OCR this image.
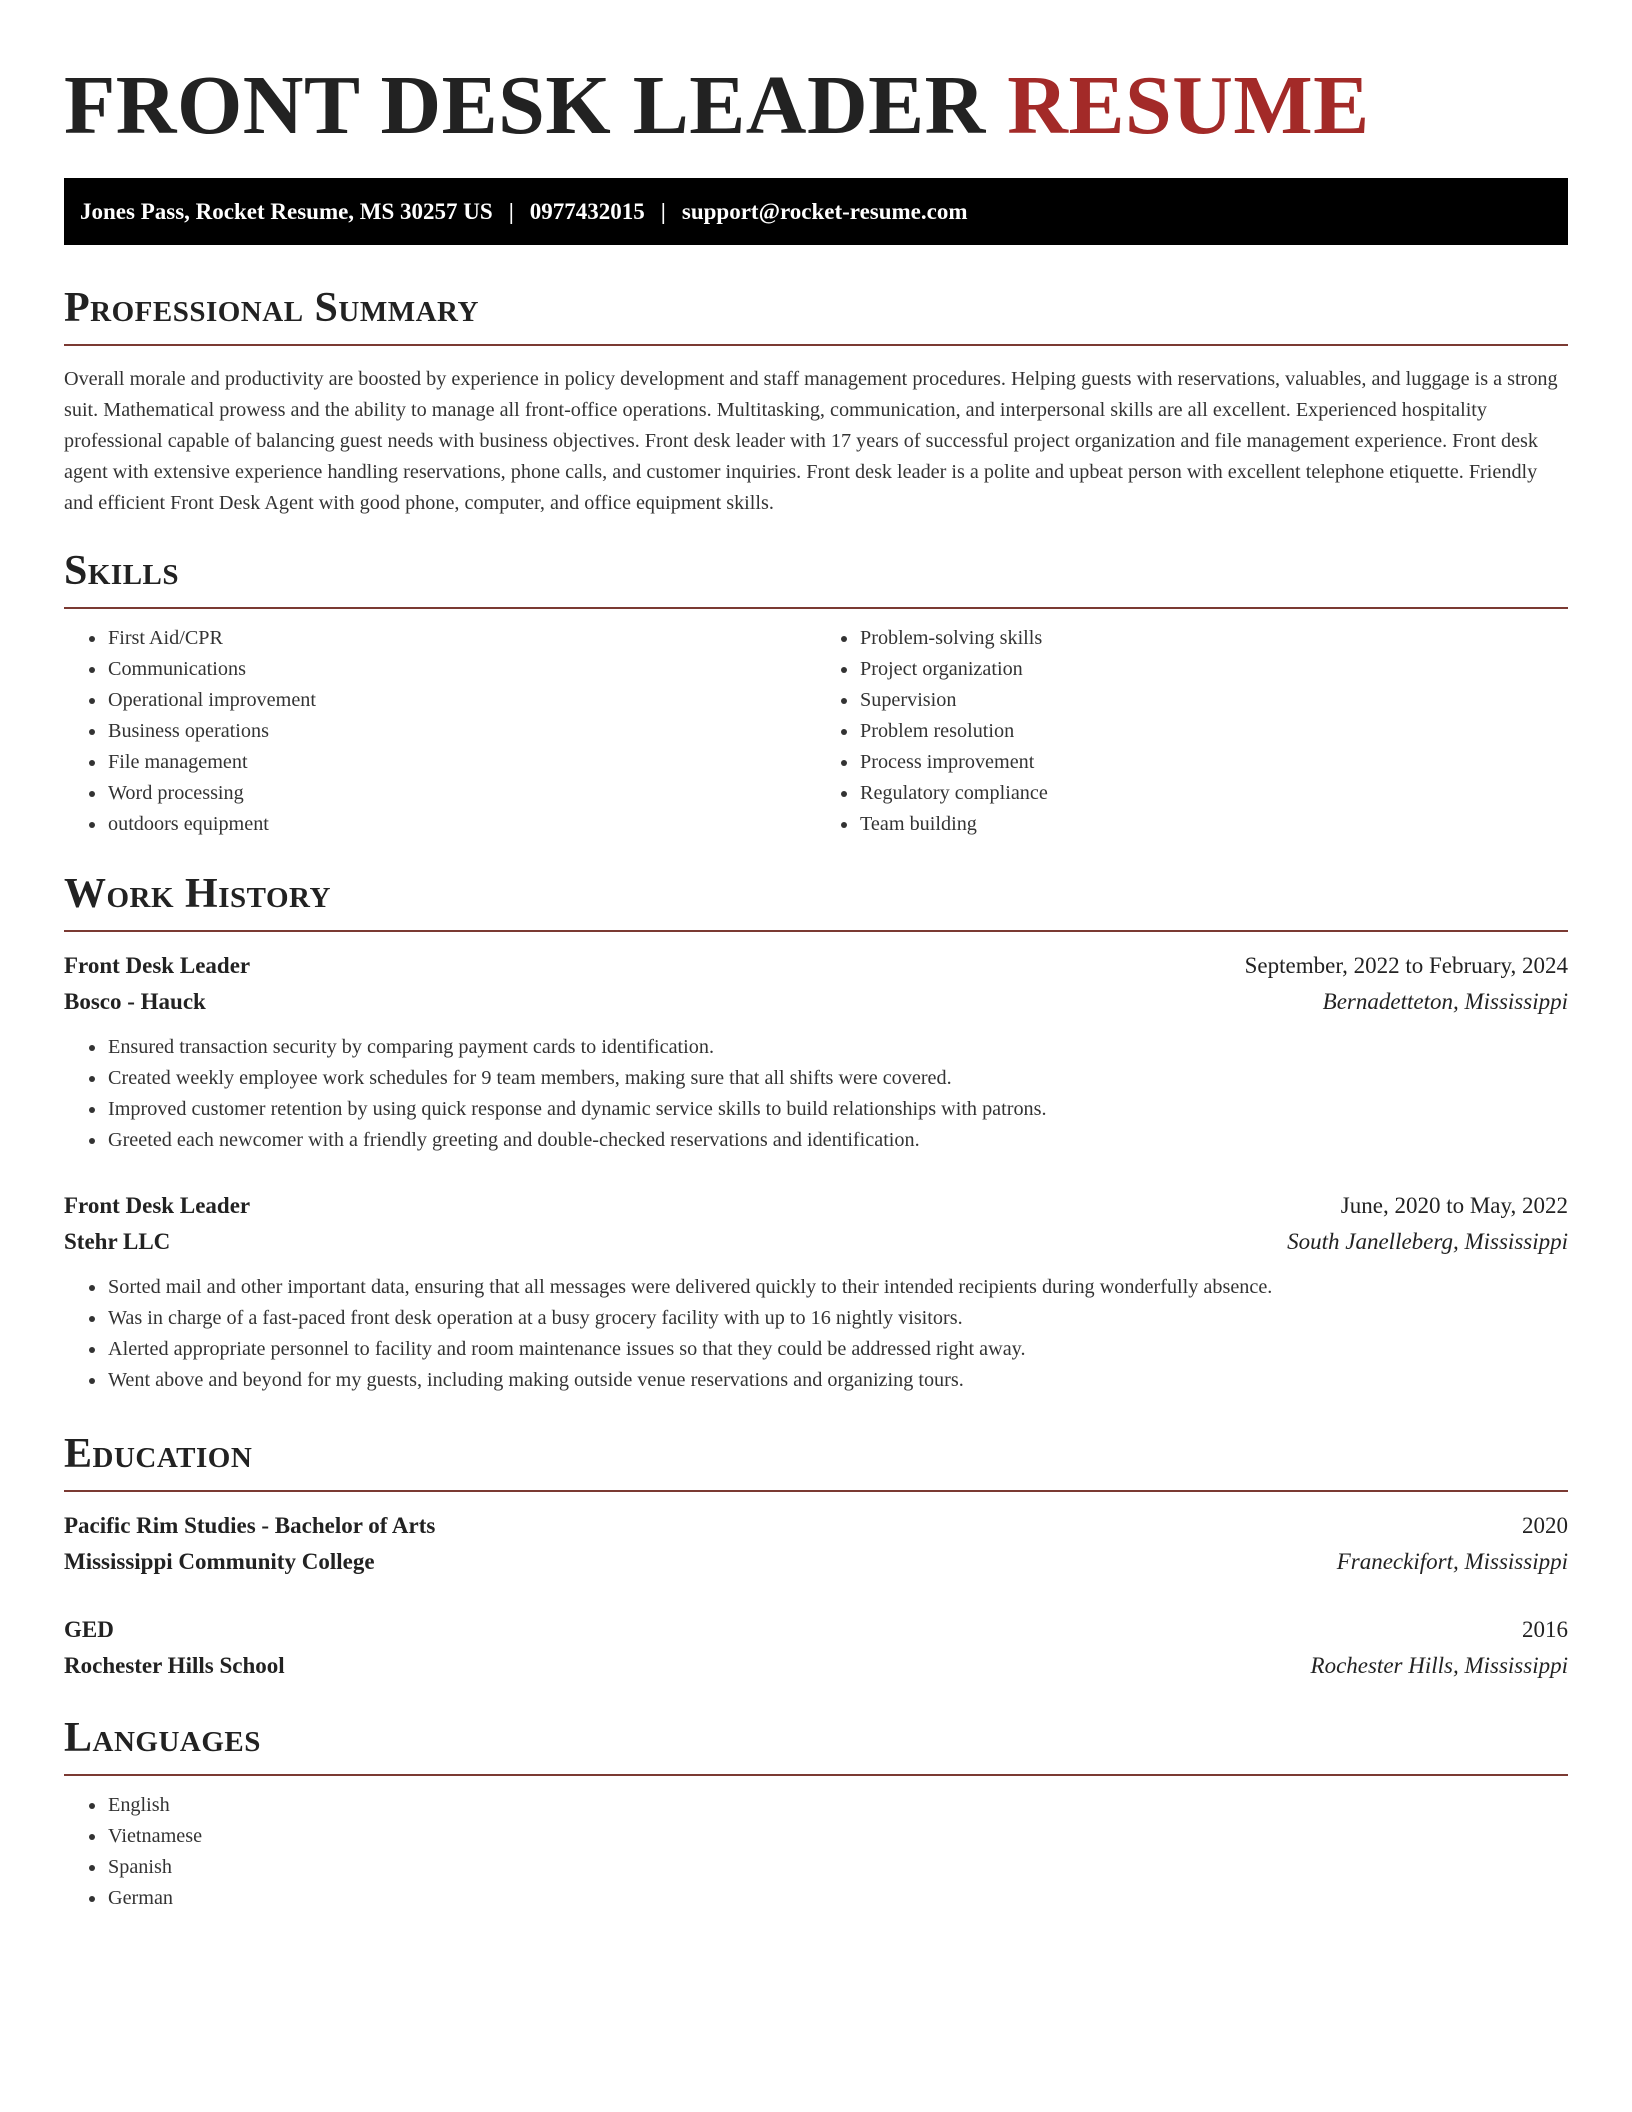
FRONT DESK LEADER RESUME
Jones Pass, Rocket Resume, MS 30257 US | 0977432015 | support@rocket-resume.com
Professional Summary

Overall morale and productivity are boosted by experience in policy development and staff management procedures. Helping guests with reservations, valuables, and luggage is a strong suit. Mathematical prowess and the ability to manage all front-office operations. Multitasking, communication, and interpersonal skills are all excellent. Experienced hospitality professional capable of balancing guest needs with business objectives. Front desk leader with 17 years of successful project organization and file management experience. Front desk agent with extensive experience handling reservations, phone calls, and customer inquiries. Front desk leader is a polite and upbeat person with excellent telephone etiquette. Friendly and efficient Front Desk Agent with good phone, computer, and office equipment skills.

Skills
• First Aid/CPR
• Communications
• Operational improvement
• Business operations
• File management
• Word processing
• outdoors equipment
• Problem-solving skills
• Project organization
• Supervision
• Problem resolution
• Process improvement
• Regulatory compliance
• Team building
Work History
Front Desk Leader	September, 2022 to February, 2024
Bosco - Hauck	Bernadetteton, Mississippi
• Ensured transaction security by comparing payment cards to identification.
• Created weekly employee work schedules for 9 team members, making sure that all shifts were covered.
• Improved customer retention by using quick response and dynamic service skills to build relationships with patrons.
• Greeted each newcomer with a friendly greeting and double-checked reservations and identification.
Front Desk Leader	June, 2020 to May, 2022
Stehr LLC	South Janelleberg, Mississippi
• Sorted mail and other important data, ensuring that all messages were delivered quickly to their intended recipients during wonderfully absence.
• Was in charge of a fast-paced front desk operation at a busy grocery facility with up to 16 nightly visitors.
• Alerted appropriate personnel to facility and room maintenance issues so that they could be addressed right away.
• Went above and beyond for my guests, including making outside venue reservations and organizing tours.
Education
Pacific Rim Studies - Bachelor of Arts	2020
Mississippi Community College	Franeckifort, Mississippi
GED	2016
Rochester Hills School	Rochester Hills, Mississippi
Languages
• English
• Vietnamese
• Spanish
• German
